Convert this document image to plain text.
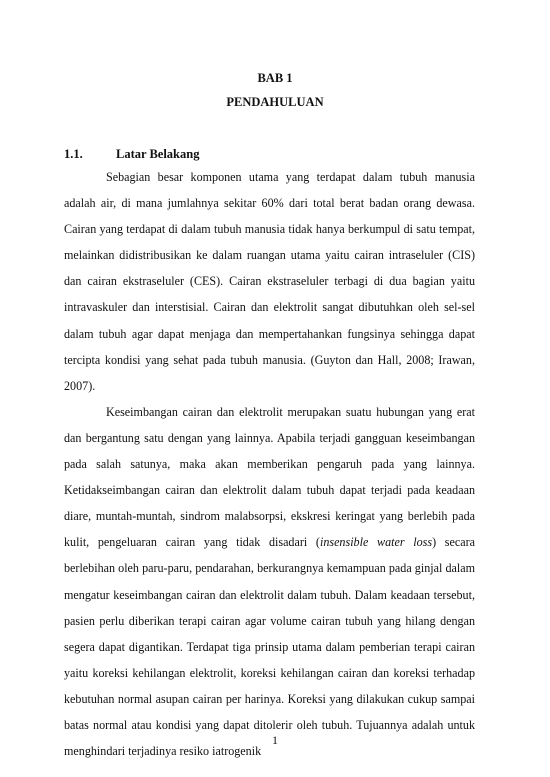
BAB 1
PENDAHULUAN
1.1.	Latar Belakang

Sebagian besar komponen utama yang terdapat dalam tubuh manusia adalah air, di mana jumlahnya sekitar 60% dari total berat badan orang dewasa. Cairan yang terdapat di dalam tubuh manusia tidak hanya berkumpul di satu tempat, melainkan didistribusikan ke dalam ruangan utama yaitu cairan intraseluler (CIS) dan cairan ekstraseluler (CES). Cairan ekstraseluler terbagi di dua bagian yaitu intravaskuler dan interstisial. Cairan dan elektrolit sangat dibutuhkan oleh sel-sel dalam tubuh agar dapat menjaga dan mempertahankan fungsinya sehingga dapat tercipta kondisi yang sehat pada tubuh manusia. (Guyton dan Hall, 2008; Irawan, 2007).

Keseimbangan cairan dan elektrolit merupakan suatu hubungan yang erat dan bergantung satu dengan yang lainnya. Apabila terjadi gangguan keseimbangan pada salah satunya, maka akan memberikan pengaruh pada yang lainnya. Ketidakseimbangan cairan dan elektrolit dalam tubuh dapat terjadi pada keadaan diare, muntah-muntah, sindrom malabsorpsi, ekskresi keringat yang berlebih pada kulit, pengeluaran cairan yang tidak disadari (insensible water loss) secara berlebihan oleh paru-paru, pendarahan, berkurangnya kemampuan pada ginjal dalam mengatur keseimbangan cairan dan elektrolit dalam tubuh. Dalam keadaan tersebut, pasien perlu diberikan terapi cairan agar volume cairan tubuh yang hilang dengan segera dapat digantikan. Terdapat tiga prinsip utama dalam pemberian terapi cairan yaitu koreksi kehilangan elektrolit, koreksi kehilangan cairan dan koreksi terhadap kebutuhan normal asupan cairan per harinya. Koreksi yang dilakukan cukup sampai batas normal atau kondisi yang dapat ditolerir oleh tubuh. Tujuannya adalah untuk menghindari terjadinya resiko iatrogenik

1
